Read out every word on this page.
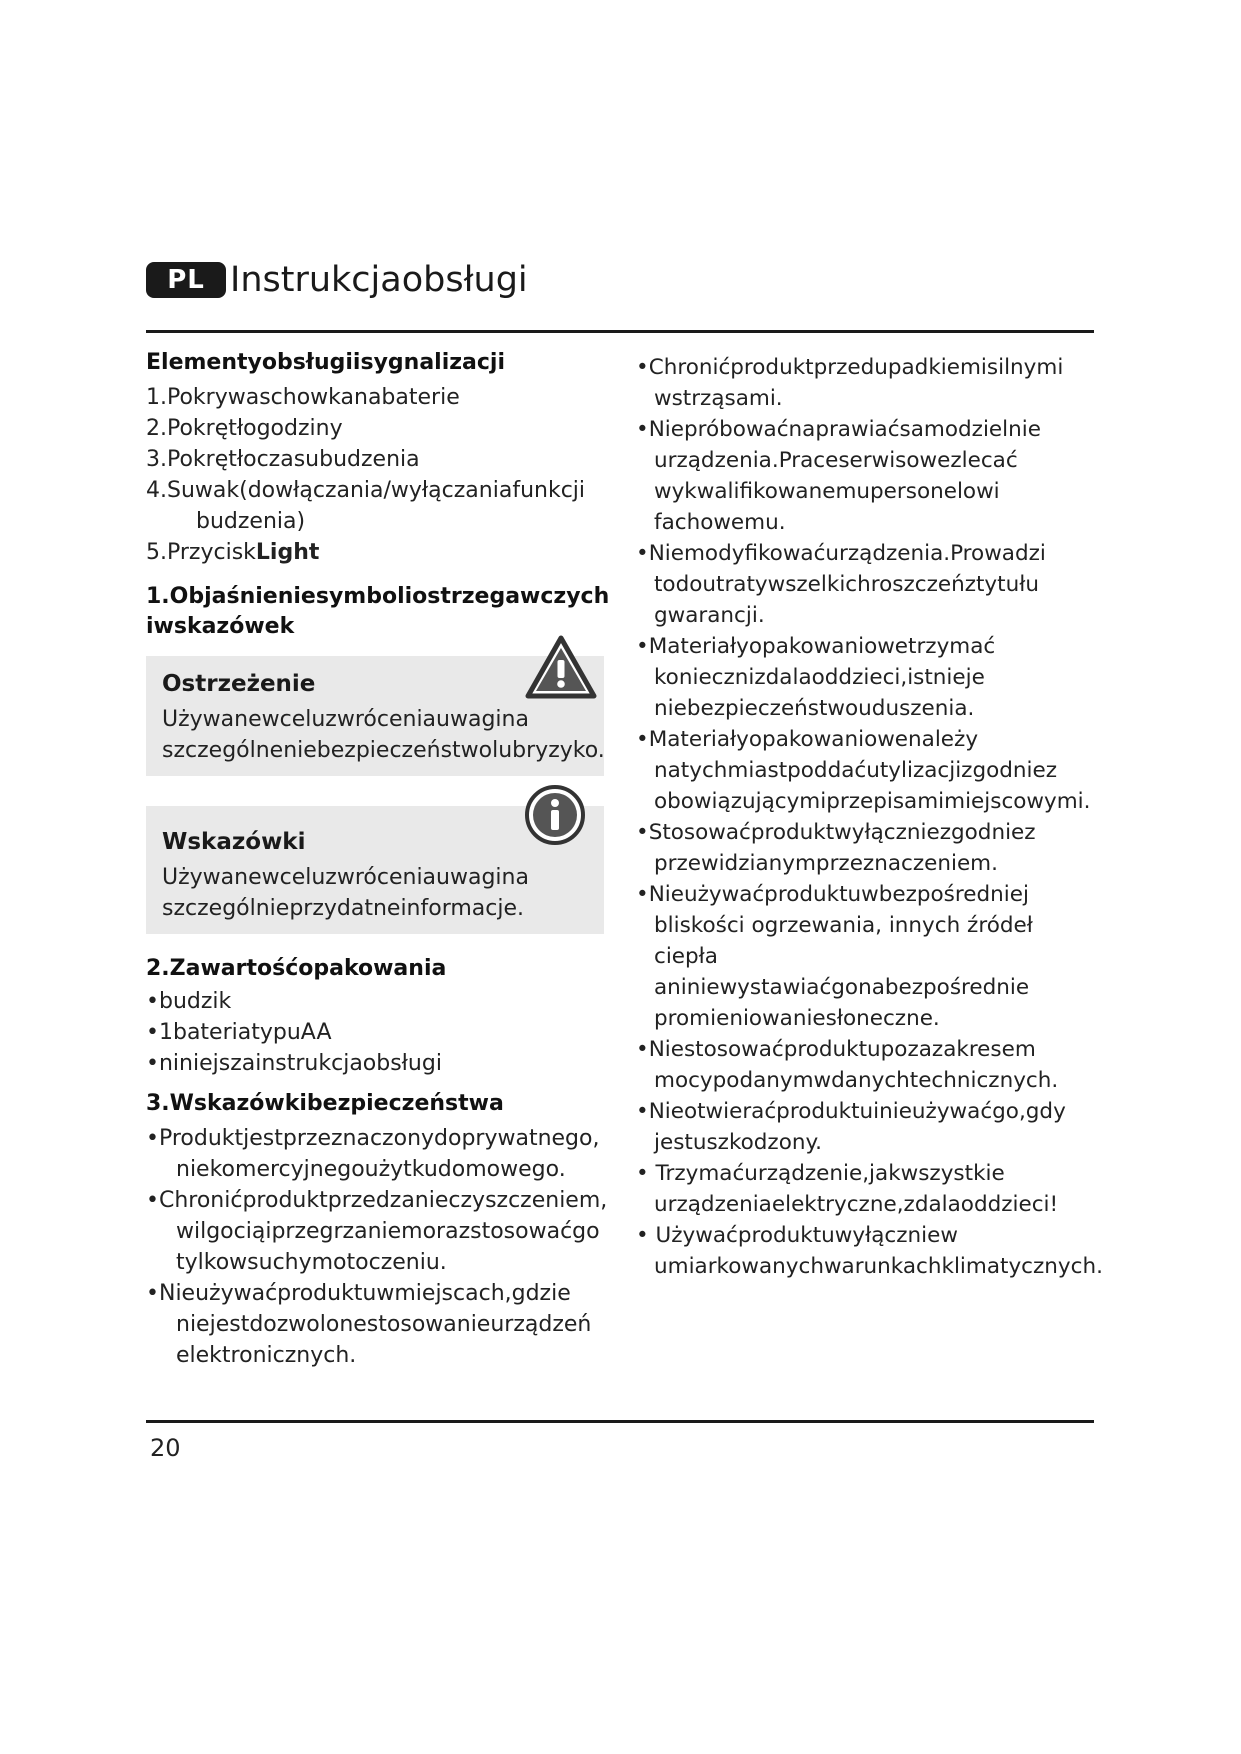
PL Instrukcjaobsługi
Elementyobsługiisygnalizacji
1.Pokrywaschowkanabaterie
2.Pokrętłogodziny
3.Pokrętłoczasubudzenia
4.Suwak(dowłączania/wyłączaniafunkcji budzenia)
5.PrzyciskLight
1.Objaśnieniesymboliostrzegawczych iwskazówek
Ostrzeżenie
Używanewceluzwróceniauwagina szczególneniebezpieczeństwolubryzyko.
Wskazówki
Używanewceluzwróceniauwagina szczególnieprzydatneinformacje.
2.Zawartośćopakowania
•budzik
•1bateriatypuAA
•niniejszainstrukcjaobsługi
3.Wskazówkibezpieczeństwa
•Produktjestprzeznaczonydoprywatnego, niekomercyjnegoużytkudomowego.
•Chronićproduktprzedzanieczyszczeniem, wilgociąiprzegrzaniemorazstosowaćgo tylkowsuchymotoczeniu.
•Nieużywaćproduktuwmiejscach,gdzie niejestdozwolonestosowanieurządzeń elektronicznych.
•Chronićproduktprzedupadkiemisilnymi wstrząsami.
•Niepróbowaćnaprawiaćsamodzielnie urządzenia.Praceserwisowezlecać wykwalifikowanemupersonelowi fachowemu.
•Niemodyfikowaćurządzenia.Prowadzi todoutratywszelkichroszczeńztytułu gwarancji.
•Materiałyopakowaniowetrzymać koniecznizdalaoddzieci,istnieje niebezpieczeństwouduszenia.
•Materiałyopakowaniowenależy natychmiastpoddaćutylizacjizgodniez obowiązującymiprzepisamimiejscowymi.
•Stosowaćproduktwyłączniezgodniez przewidzianymprzeznaczeniem.
•Nieużywaćproduktuwbezpośredniej bliskości ogrzewania, innych źródeł ciepła aniniewystawiaćgonabezpośrednie promieniowaniesłoneczne.
•Niestosowaćproduktupozazakresem mocypodanymwdanychtechnicznych.
•Nieotwieraćproduktuinieużywaćgo,gdy jestuszkodzony.
• Trzymaćurządzenie,jakwszystkie urządzeniaelektryczne,zdalaoddzieci!
• Używaćproduktuwyłączniew umiarkowanychwarunkachklimatycznych.
20
